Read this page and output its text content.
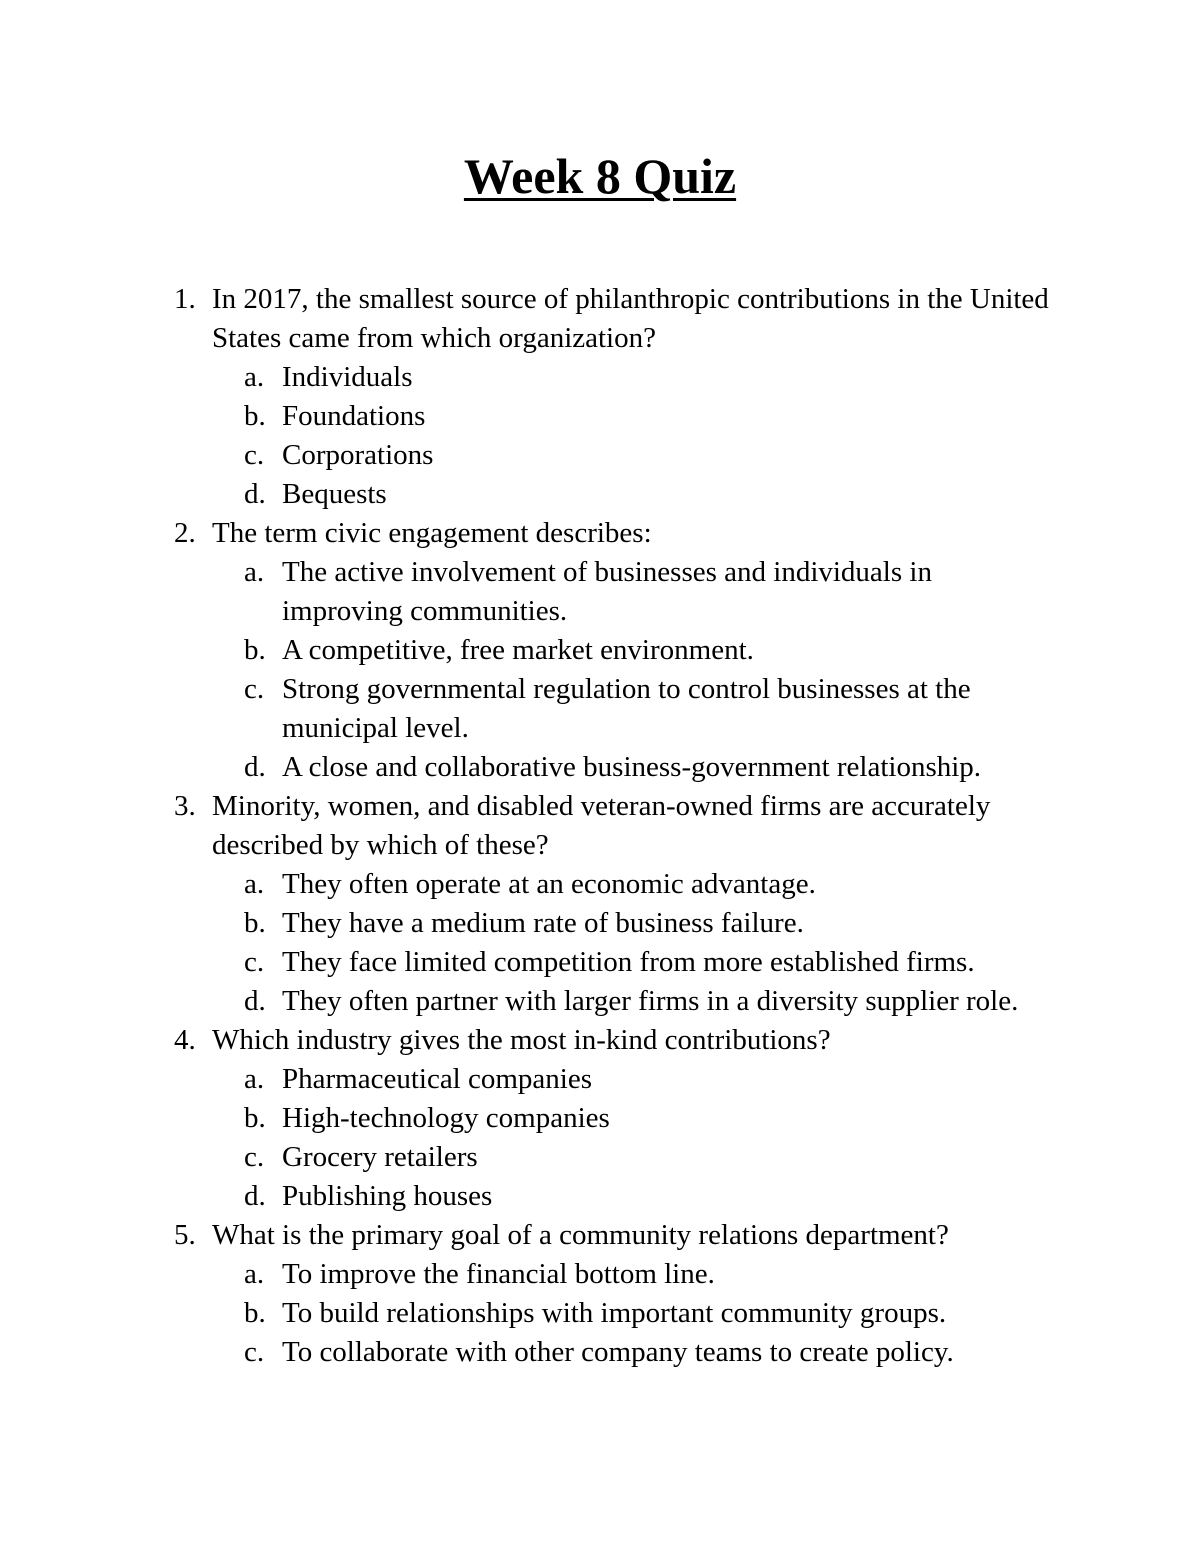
Week 8 Quiz
1. In 2017, the smallest source of philanthropic contributions in the United States came from which organization?
a. Individuals
b. Foundations
c. Corporations
d. Bequests
2. The term civic engagement describes:
a. The active involvement of businesses and individuals in improving communities.
b. A competitive, free market environment.
c. Strong governmental regulation to control businesses at the municipal level.
d. A close and collaborative business-government relationship.
3. Minority, women, and disabled veteran-owned firms are accurately described by which of these?
a. They often operate at an economic advantage.
b. They have a medium rate of business failure.
c. They face limited competition from more established firms.
d. They often partner with larger firms in a diversity supplier role.
4. Which industry gives the most in-kind contributions?
a. Pharmaceutical companies
b. High-technology companies
c. Grocery retailers
d. Publishing houses
5. What is the primary goal of a community relations department?
a. To improve the financial bottom line.
b. To build relationships with important community groups.
c. To collaborate with other company teams to create policy.
